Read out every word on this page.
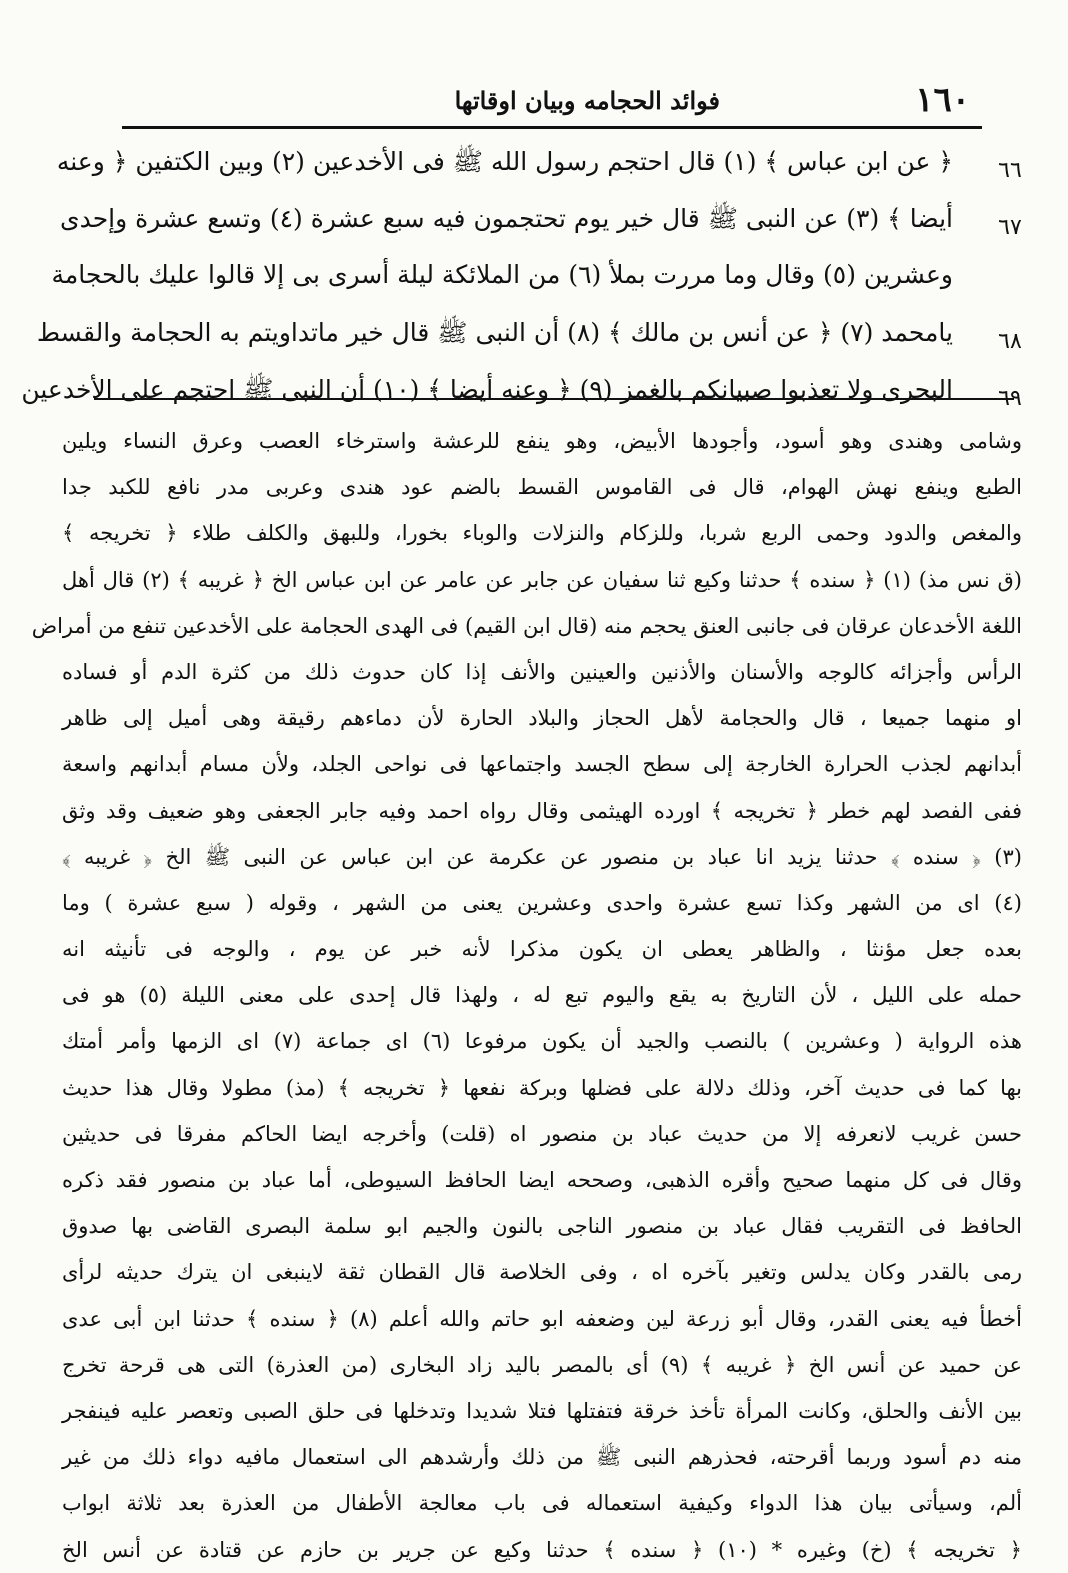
١٦٠
فوائد الحجامه وبيان اوقاتها
٦٦
﴿ عن ابن عباس ﴾ (١) قال احتجم رسول الله ﷺ فى الأخدعين (٢) وبين الكتفين ﴿ وعنه
٦٧
أيضا ﴾ (٣) عن النبى ﷺ قال خير يوم تحتجمون فيه سبع عشرة (٤) وتسع عشرة وإحدى
وعشرين (٥) وقال وما مررت بملأ (٦) من الملائكة ليلة أسرى بى إلا قالوا عليك بالحجامة
٦٨
يامحمد (٧) ﴿ عن أنس بن مالك ﴾ (٨) أن النبى ﷺ قال خير ماتداويتم به الحجامة والقسط
٦٩
البحرى ولا تعذبوا صبيانكم بالغمز (٩) ﴿ وعنه أيضا ﴾ (١٠) أن النبى ﷺ احتجم على الأخدعين
وشامى وهندى وهو أسود، وأجودها الأبيض، وهو ينفع للرعشة واسترخاء العصب وعرق النساء ويلين
الطبع وينفع نهش الهوام، قال فى القاموس القسط بالضم عود هندى وعربى مدر نافع للكبد جدا
والمغص والدود وحمى الربع شربا، وللزكام والنزلات والوباء بخورا، وللبهق والكلف طلاء ﴿ تخريجه ﴾
(ق نس مذ) (١) ﴿ سنده ﴾ حدثنا وكيع ثنا سفيان عن جابر عن عامر عن ابن عباس الخ ﴿ غريبه ﴾ (٢) قال أهل
اللغة الأخدعان عرقان فى جانبى العنق يحجم منه (قال ابن القيم) فى الهدى الحجامة على الأخدعين تنفع من أمراض
الرأس وأجزائه كالوجه والأسنان والأذنين والعينين والأنف إذا كان حدوث ذلك من كثرة الدم أو فساده
او منهما جميعا ، قال والحجامة لأهل الحجاز والبلاد الحارة لأن دماءهم رقيقة وهى أميل إلى ظاهر
أبدانهم لجذب الحرارة الخارجة إلى سطح الجسد واجتماعها فى نواحى الجلد، ولأن مسام أبدانهم واسعة
ففى الفصد لهم خطر ﴿ تخريجه ﴾ اورده الهيثمى وقال رواه احمد وفيه جابر الجعفى وهو ضعيف وقد وثق
(٣) ﴿ سنده ﴾ حدثنا يزيد انا عباد بن منصور عن عكرمة عن ابن عباس عن النبى ﷺ الخ ﴿ غريبه ﴾
(٤) اى من الشهر وكذا تسع عشرة واحدى وعشرين يعنى من الشهر ، وقوله ( سبع عشرة ) وما
بعده جعل مؤنثا ، والظاهر يعطى ان يكون مذكرا لأنه خبر عن يوم ، والوجه فى تأنيثه انه
حمله على الليل ، لأن التاريخ به يقع واليوم تبع له ، ولهذا قال إحدى على معنى الليلة (٥) هو فى
هذه الرواية ( وعشرين ) بالنصب والجيد أن يكون مرفوعا (٦) اى جماعة (٧) اى الزمها وأمر أمتك
بها كما فى حديث آخر، وذلك دلالة على فضلها وبركة نفعها ﴿ تخريجه ﴾ (مذ) مطولا وقال هذا حديث
حسن غريب لانعرفه إلا من حديث عباد بن منصور اه (قلت) وأخرجه ايضا الحاكم مفرقا فى حديثين
وقال فى كل منهما صحيح وأقره الذهبى، وصححه ايضا الحافظ السيوطى، أما عباد بن منصور فقد ذكره
الحافظ فى التقريب فقال عباد بن منصور الناجى بالنون والجيم ابو سلمة البصرى القاضى بها صدوق
رمى بالقدر وكان يدلس وتغير بآخره اه ، وفى الخلاصة قال القطان ثقة لاينبغى ان يترك حديثه لرأى
أخطأ فيه يعنى القدر، وقال أبو زرعة لين وضعفه ابو حاتم والله أعلم (٨) ﴿ سنده ﴾ حدثنا ابن أبى عدى
عن حميد عن أنس الخ ﴿ غريبه ﴾ (٩) أى بالمصر باليد زاد البخارى (من العذرة) التى هى قرحة تخرج
بين الأنف والحلق، وكانت المرأة تأخذ خرقة فتفتلها فتلا شديدا وتدخلها فى حلق الصبى وتعصر عليه فينفجر
منه دم أسود وربما أقرحته، فحذرهم النبى ﷺ من ذلك وأرشدهم الى استعمال مافيه دواء ذلك من غير
ألم، وسيأتى بيان هذا الدواء وكيفية استعماله فى باب معالجة الأطفال من العذرة بعد ثلاثة ابواب
﴿ تخريجه ﴾ (خ) وغيره * (١٠) ﴿ سنده ﴾ حدثنا وكيع عن جرير بن حازم عن قتادة عن أنس الخ
